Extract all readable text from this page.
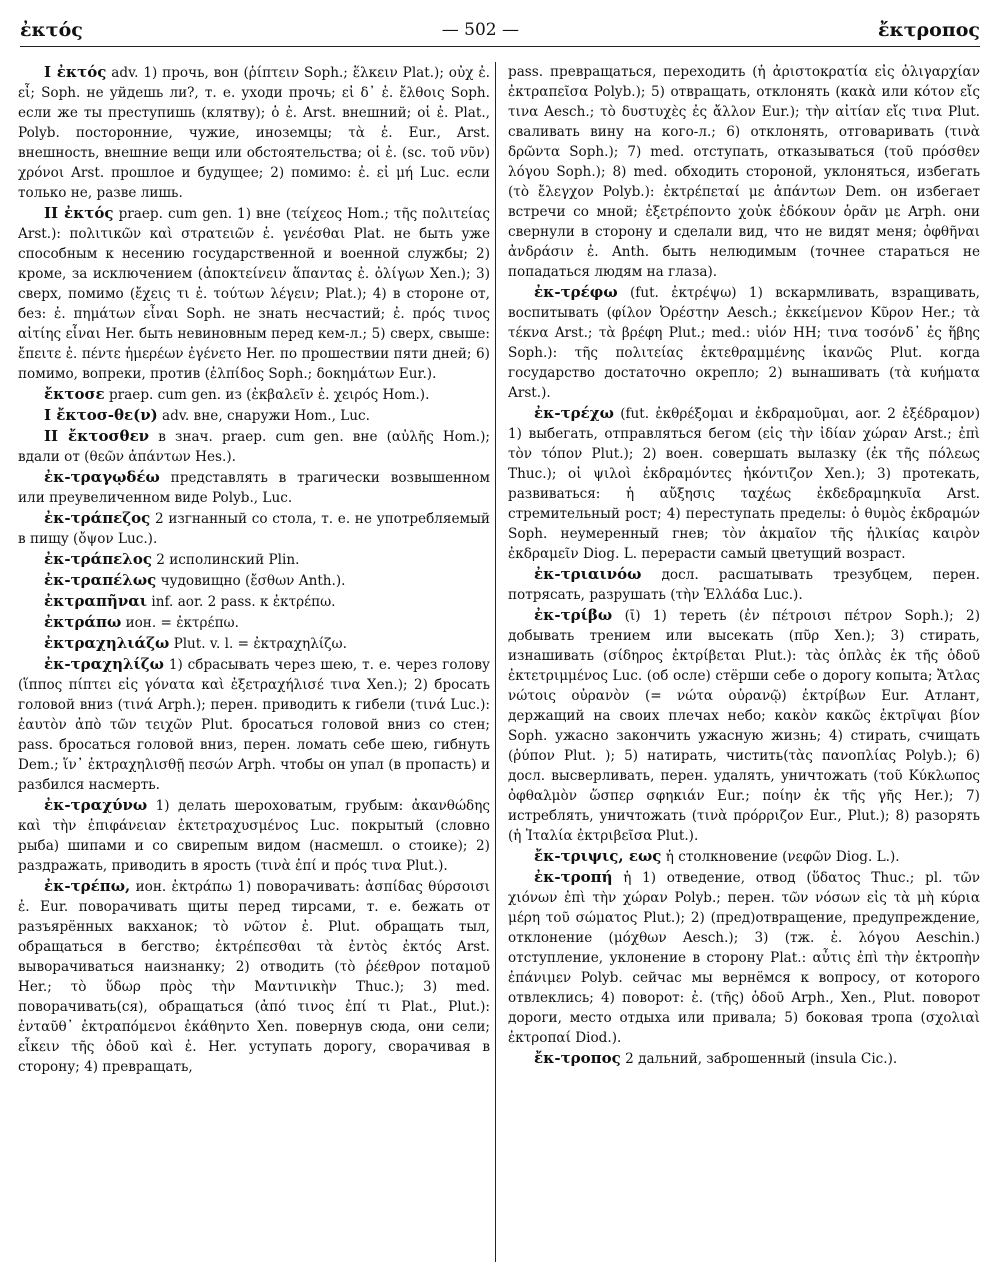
ἐκτός	— 502 —	ἔκτροπος

I ἐκτός adv. 1) прочь, вон (ῥίπτειν Soph.; ἕλκειν Plat.); οὐχ ἐ. εἶ; Soph. не уйдешь ли?, т. е. уходи прочь; εἰ δ᾽ ἐ. ἔλθοις Soph. если же ты преступишь (клятву); ὁ ἐ. Arst. внешний; οἱ ἐ. Plat., Polyb. посторонние, чужие, иноземцы; τὰ ἐ. Eur., Arst. внешность, внешние вещи или обстоятельства; οἱ ἐ. (sc. τοῦ νῦν) χρόνοι Arst. прошлое и будущее; 2) помимо: ἐ. εἰ μή Luc. если только не, разве лишь.

II ἐκτός praep. cum gen. 1) вне (τείχεος Hom.; τῆς πολιτείας Arst.): πολιτικῶν καὶ στρατειῶν ἐ. γενέσθαι Plat. не быть уже способным к несению государственной и военной службы; 2) кроме, за исключением (ἀποκτείνειν ἅπαντας ἐ. ὀλίγων Xen.); 3) сверх, помимо (ἔχεις τι ἐ. τούτων λέγειν; Plat.); 4) в стороне от, без: ἐ. πημάτων εἶναι Soph. не знать несчастий; ἐ. πρός τινος αἰτίης εἶναι Her. быть невиновным перед кем-л.; 5) сверх, свыше: ἔπειτε ἐ. πέντε ἡμερέων ἐγένετο Her. по прошествии пяти дней; 6) помимо, вопреки, против (ἐλπίδος Soph.; δοκημάτων Eur.).

ἔκτοσε praep. cum gen. из (ἐκβαλεῖν ἐ. χειρός Hom.).

I ἔκτοσ-θε(ν) adv. вне, снаружи Hom., Luc.

II ἔκτοσθεν в знач. praep. cum gen. вне (αὐλῆς Hom.); вдали от (θεῶν ἀπάντων Hes.).

ἐκ-τραγῳδέω представлять в трагически возвышенном или преувеличенном виде Polyb., Luc.

ἐκ-τράπεζος 2 изгнанный со стола, т. е. не употребляемый в пищу (ὄψον Luc.).

ἐκ-τράπελος 2 исполинский Plin.

ἐκ-τραπέλως чудовищно (ἔσθων Anth.).

ἐκτραπῆναι inf. aor. 2 pass. к ἐκτρέπω.

ἐκτράπω ион. = ἐκτρέπω.

ἐκτραχηλιάζω Plut. v. l. = ἐκτραχηλίζω.

ἐκ-τραχηλίζω 1) сбрасывать через шею, т. е. через голову (ἵππος πίπτει εἰς γόνατα καὶ ἐξετραχήλισέ τινα Xen.); 2) бросать головой вниз (τινά Arph.); перен. приводить к гибели (τινά Luc.): ἑαυτὸν ἀπὸ τῶν τειχῶν Plut. бросаться головой вниз со стен; pass. бросаться головой вниз, перен. ломать себе шею, гибнуть Dem.; ἵν᾽ ἐκτραχηλισθῇ πεσών Arph. чтобы он упал (в пропасть) и разбился насмерть.

ἐκ-τραχύνω 1) делать шероховатым, грубым: ἀκανθώδης καὶ τὴν ἐπιφάνειαν ἐκτετραχυσμένος Luc. покрытый (словно рыба) шипами и со свирепым видом (насмешл. о стоике); 2) раздражать, приводить в ярость (τινὰ ἐπί и πρός τινα Plut.).

ἐκ-τρέπω, ион. ἐκτράπω 1) поворачивать: ἀσπίδας θύρσοισι ἐ. Eur. поворачивать щиты перед тирсами, т. е. бежать от разъярённых вакханок; τὸ νῶτον ἐ. Plut. обращать тыл, обращаться в бегство; ἐκτρέπεσθαι τὰ ἐντὸς ἐκτός Arst. выворачиваться наизнанку; 2) отводить (τὸ ῥέεθρον ποταμοῦ Her.; τὸ ὕδωρ πρὸς τὴν Μαντινικὴν Thuc.); 3) med. поворачивать(ся), обращаться (ἀπό τινος ἐπί τι Plat., Plut.): ἐνταῦθ᾽ ἐκτραπόμενοι ἐκάθηντο Xen. повернув сюда, они сели; εἶκειν τῆς ὁδοῦ καὶ ἐ. Her. уступать дорогу, сворачивая в сторону; 4) превращать,

pass. превращаться, переходить (ἡ ἀριστοκρατία εἰς ὀλιγαρχίαν ἐκτραπεῖσα Polyb.); 5) отвращать, отклонять (κακὰ или κότον εἴς τινα Aesch.; τὸ δυστυχὲς ἐς ἄλλον Eur.); τὴν αἰτίαν εἴς τινα Plut. сваливать вину на кого-л.; 6) отклонять, отговаривать (τινὰ δρῶντα Soph.); 7) med. отступать, отказываться (τοῦ πρόσθεν λόγου Soph.); 8) med. обходить стороной, уклоняться, избегать (τὸ ἔλεγχον Polyb.): ἐκτρέπεταί με ἁπάντων Dem. он избегает встречи со мной; ἐξετρέποντο χοὐκ ἐδόκουν ὁρᾶν με Arph. они свернули в сторону и сделали вид, что не видят меня; ὀφθῆναι ἀνδράσιν ἐ. Anth. быть нелюдимым (точнее стараться не попадаться людям на глаза).

ἐκ-τρέφω (fut. ἐκτρέψω) 1) вскармливать, взращивать, воспитывать (φίλον Ὀρέστην Aesch.; ἐκκείμενον Κῦρον Her.; τὰ τέκνα Arst.; τὰ βρέφη Plut.; med.: υἱόν НН; τινα τοσόνδ᾽ ἐς ἥβης Soph.): τῆς πολιτείας ἐκτεθραμμένης ἱκανῶς Plut. когда государство достаточно окрепло; 2) вынашивать (τὰ κυήματα Arst.).

ἐκ-τρέχω (fut. ἐκθρέξομαι и ἐκδραμοῦμαι, aor. 2 ἐξέδραμον) 1) выбегать, отправляться бегом (εἰς τὴν ἰδίαν χώραν Arst.; ἐπὶ τὸν τόπον Plut.); 2) воен. совершать вылазку (ἐκ τῆς πόλεως Thuc.); οἱ ψιλοὶ ἐκδραμόντες ἠκόντιζον Xen.); 3) протекать, развиваться: ἡ αὔξησις ταχέως ἐκδεδραμηκυῖα Arst. стремительный рост; 4) переступать пределы: ὁ θυμὸς ἐκδραμών Soph. неумеренный гнев; τὸν ἀκμαῖον τῆς ἡλικίας καιρὸν ἐκδραμεῖν Diog. L. перерасти самый цветущий возраст.

ἐκ-τριαινόω досл. расшатывать трезубцем, перен. потрясать, разрушать (τὴν Ἑλλάδα Luc.).

ἐκ-τρίβω (ῑ) 1) тереть (ἐν πέτροισι πέτρον Soph.); 2) добывать трением или высекать (πῦρ Xen.); 3) стирать, изнашивать (σίδηρος ἐκτρίβεται Plut.): τὰς ὁπλὰς ἐκ τῆς ὁδοῦ ἐκτετριμμένος Luc. (об осле) стёрши себе о дорогу копыта; Ἄτλας νώτοις οὐρανὸν (= νώτα οὐρανῷ) ἐκτρίβων Eur. Атлант, держащий на своих плечах небо; κακὸν κακῶς ἐκτρῖψαι βίον Soph. ужасно закончить ужасную жизнь; 4) стирать, счищать (ῥύπον Plut. ); 5) натирать, чистить(τὰς πανοπλίας Polyb.); 6) досл. высверливать, перен. удалять, уничтожать (τοῦ Κύκλωπος ὀφθαλμὸν ὥσπερ σφηκιάν Eur.; ποίην ἐκ τῆς γῆς Her.); 7) истреблять, уничтожать (τινὰ πρόρριζον Eur., Plut.); 8) разорять (ἡ Ἰταλία ἐκτριβεῖσα Plut.).

ἔκ-τριψις, εως ἡ столкновение (νεφῶν Diog. L.).

ἐκ-τροπή ἡ 1) отведение, отвод (ὕδατος Thuc.; pl. τῶν χιόνων ἐπὶ τὴν χώραν Polyb.; перен. τῶν νόσων εἰς τὰ μὴ κύρια μέρη τοῦ σώματος Plut.); 2) (пред)отвращение, предупреждение, отклонение (μόχθων Aesch.); 3) (тж. ἐ. λόγου Aeschin.) отступление, уклонение в сторону Plat.: αὖτις ἐπὶ τὴν ἐκτροπὴν ἐπάνιμεν Polyb. сейчас мы вернёмся к вопросу, от которого отвлеклись; 4) поворот: ἐ. (τῆς) ὁδοῦ Arph., Xen., Plut. поворот дороги, место отдыха или привала; 5) боковая тропа (σχολιαὶ ἐκτροπαί Diod.).

ἔκ-τροπος 2 дальний, заброшенный (insula Cic.).
